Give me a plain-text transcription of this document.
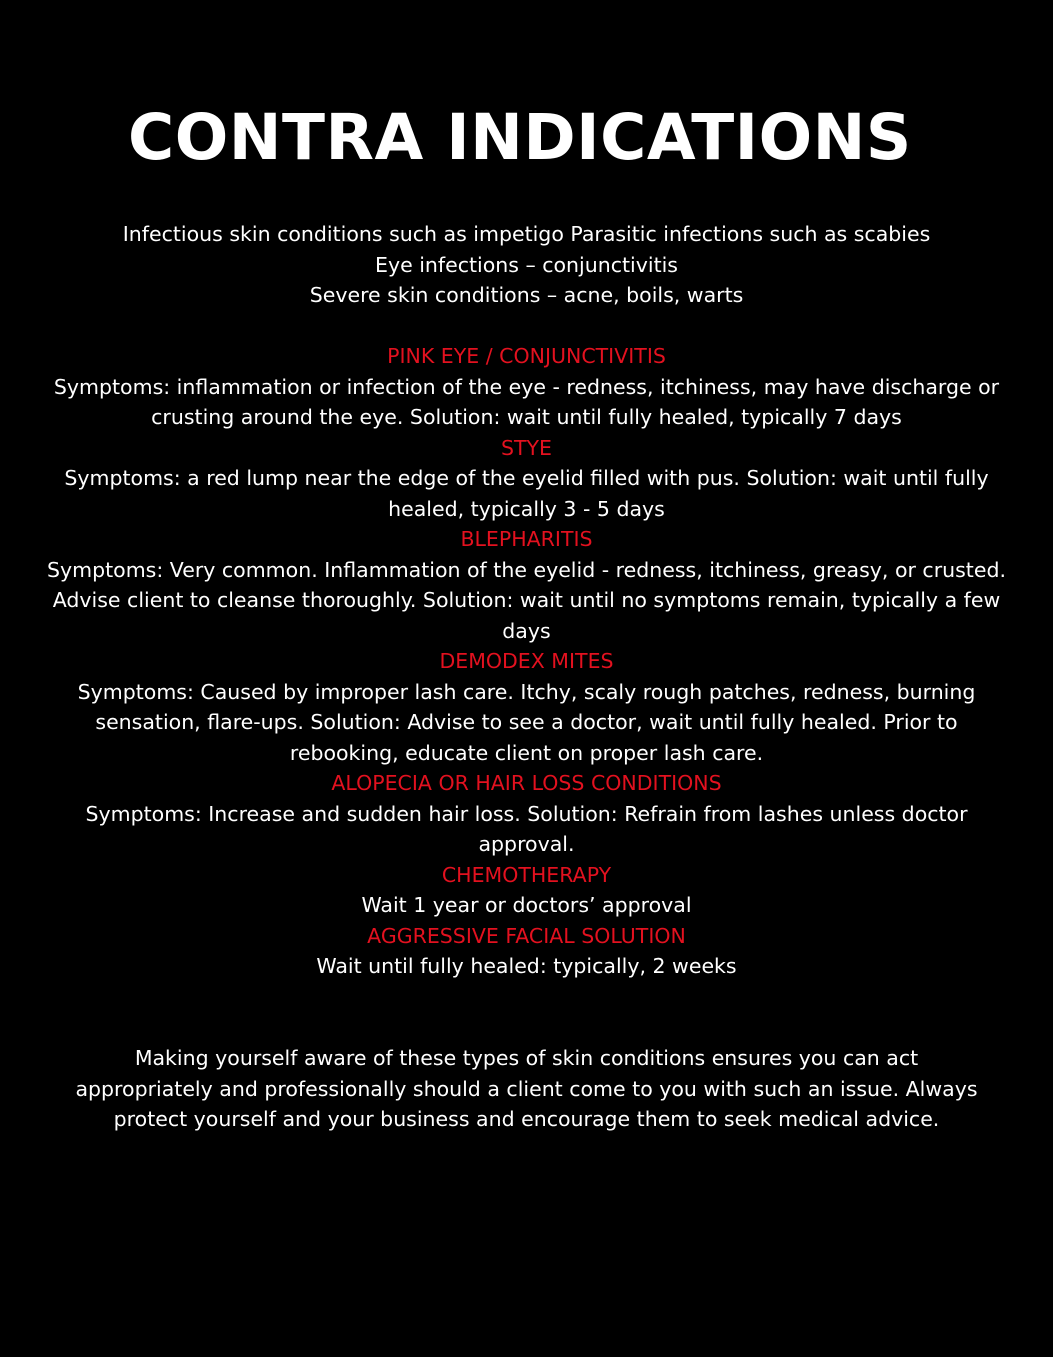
CONTRA INDICATIONS

Infectious skin conditions such as impetigo Parasitic infections such as scabies

Eye infections – conjunctivitis

Severe skin conditions – acne, boils, warts

PINK EYE / CONJUNCTIVITIS

Symptoms: inflammation or infection of the eye - redness, itchiness, may have discharge or crusting around the eye. Solution: wait until fully healed, typically 7 days

STYE

Symptoms: a red lump near the edge of the eyelid filled with pus. Solution: wait until fully healed, typically 3 - 5 days

BLEPHARITIS

Symptoms: Very common. Inflammation of the eyelid - redness, itchiness, greasy, or crusted. Advise client to cleanse thoroughly. Solution: wait until no symptoms remain, typically a few days

DEMODEX MITES

Symptoms: Caused by improper lash care. Itchy, scaly rough patches, redness, burning sensation, flare-ups. Solution: Advise to see a doctor, wait until fully healed. Prior to rebooking, educate client on proper lash care.

ALOPECIA OR HAIR LOSS CONDITIONS

Symptoms: Increase and sudden hair loss. Solution: Refrain from lashes unless doctor approval.

CHEMOTHERAPY

Wait 1 year or doctors’ approval

AGGRESSIVE FACIAL SOLUTION

Wait until fully healed: typically, 2 weeks

Making yourself aware of these types of skin conditions ensures you can act appropriately and professionally should a client come to you with such an issue. Always protect yourself and your business and encourage them to seek medical advice.
